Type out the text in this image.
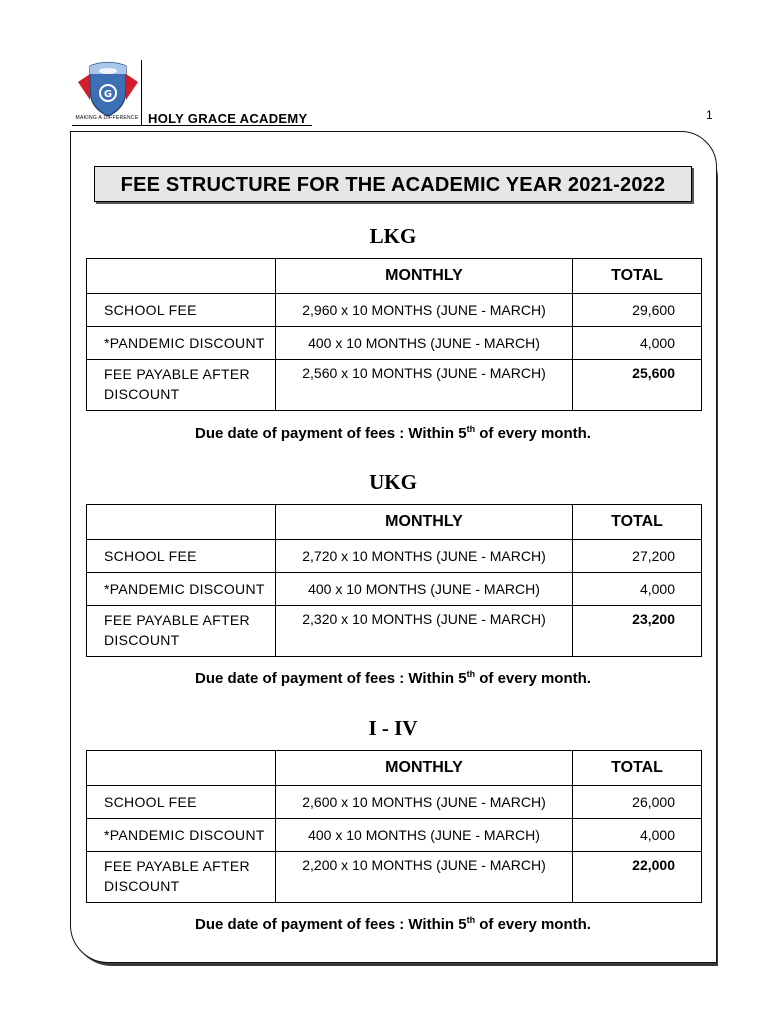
G
MAKING A DIFFERENCE HOLY GRACE ACADEMY	1
FEE STRUCTURE FOR THE ACADEMIC YEAR 2021-2022
LKG
	MONTHLY	TOTAL
SCHOOL FEE	2,960 x 10 MONTHS (JUNE - MARCH)	29,600
*PANDEMIC DISCOUNT	400 x 10 MONTHS (JUNE - MARCH)	4,000
FEE PAYABLE AFTER DISCOUNT	2,560 x 10 MONTHS (JUNE - MARCH)	25,600
Due date of payment of fees : Within 5th of every month.
UKG
	MONTHLY	TOTAL
SCHOOL FEE	2,720 x 10 MONTHS (JUNE - MARCH)	27,200
*PANDEMIC DISCOUNT	400 x 10 MONTHS (JUNE - MARCH)	4,000
FEE PAYABLE AFTER DISCOUNT	2,320 x 10 MONTHS (JUNE - MARCH)	23,200
Due date of payment of fees : Within 5th of every month.
I - IV
	MONTHLY	TOTAL
SCHOOL FEE	2,600 x 10 MONTHS (JUNE - MARCH)	26,000
*PANDEMIC DISCOUNT	400 x 10 MONTHS (JUNE - MARCH)	4,000
FEE PAYABLE AFTER DISCOUNT	2,200 x 10 MONTHS (JUNE - MARCH)	22,000
Due date of payment of fees : Within 5th of every month.
